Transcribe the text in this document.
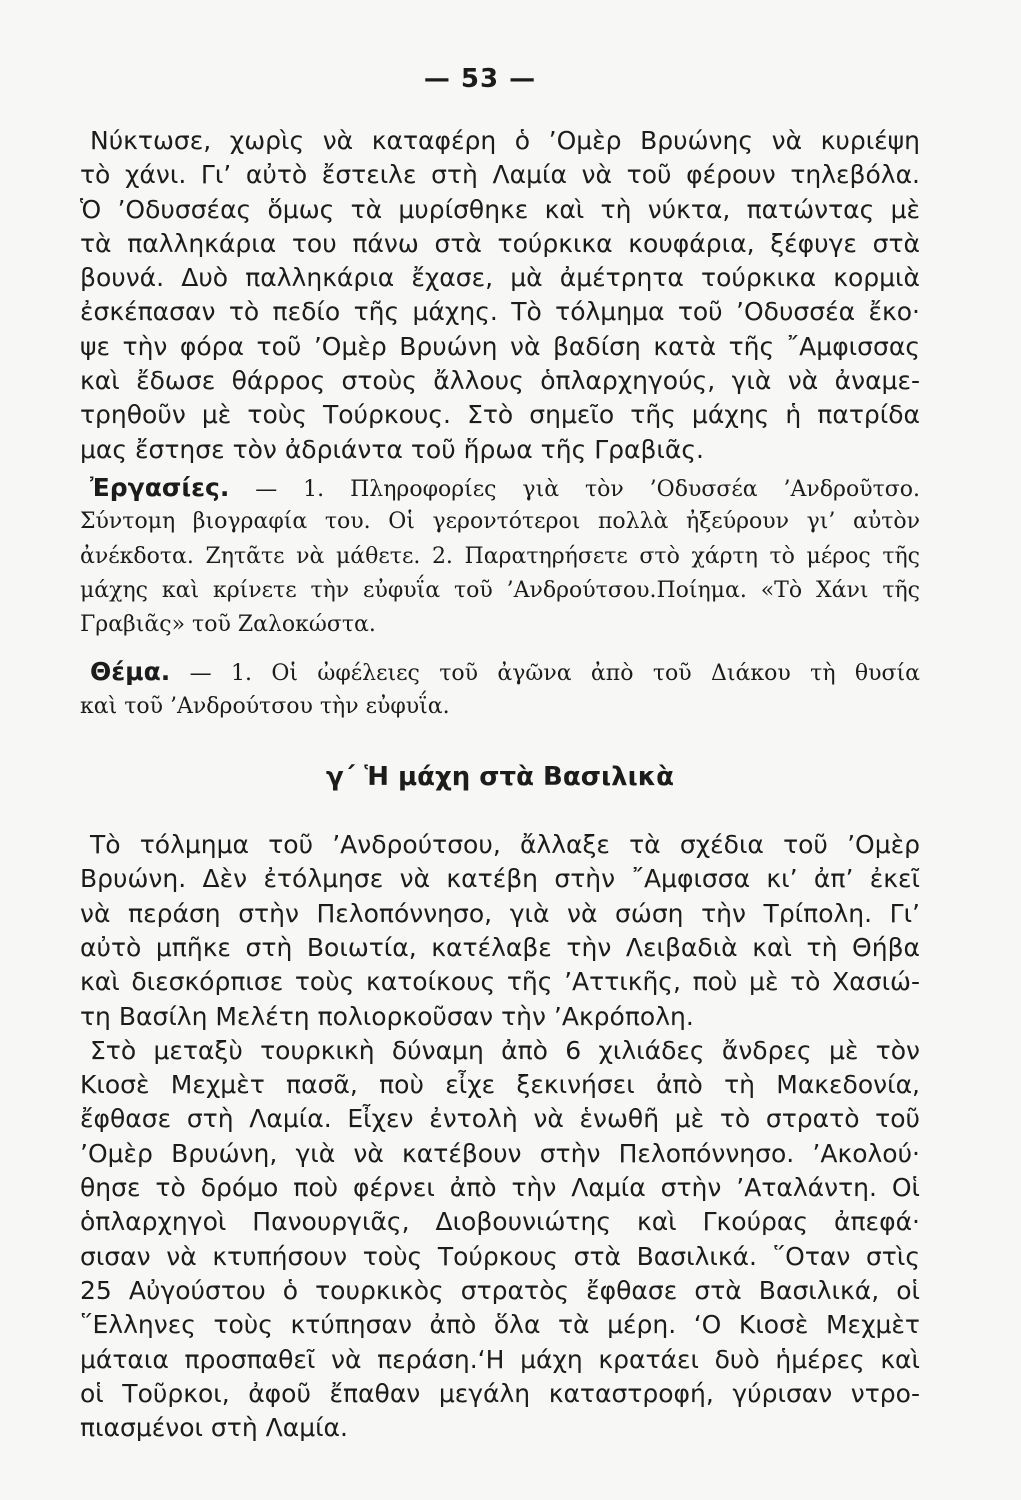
— 53 —
Νύκτωσε, χωρὶς νὰ καταφέρη ὁ ’Ομὲρ Βρυώνης νὰ κυριέψη
τὸ χάνι. Γι’ αὐτὸ ἔστειλε στὴ Λαμία νὰ τοῦ φέρουν τηλεβόλα.
Ὁ ’Οδυσσέας ὅμως τὰ μυρίσθηκε καὶ τὴ νύκτα, πατώντας μὲ
τὰ παλληκάρια του πάνω στὰ τούρκικα κουφάρια, ξέφυγε στὰ
βουνά. Δυὸ παλληκάρια ἔχασε, μὰ ἀμέτρητα τούρκικα κορμιὰ
ἐσκέπασαν τὸ πεδίο τῆς μάχης. Τὸ τόλμημα τοῦ ’Οδυσσέα ἔκο·
ψε τὴν φόρα τοῦ ’Ομὲρ Βρυώνη νὰ βαδίση κατὰ τῆς ῎Αμφισσας
καὶ ἔδωσε θάρρος στοὺς ἄλλους ὁπλαρχηγούς, γιὰ νὰ ἀναμε-
τρηθοῦν μὲ τοὺς Τούρκους. Στὸ σημεῖο τῆς μάχης ἡ πατρίδα
μας ἔστησε τὸν ἀδριάντα τοῦ ἥρωα τῆς Γραβιᾶς.
Ἐργασίες. — 1. Πληροφορίες γιὰ τὸν ’Οδυσσέα ’Ανδροῦτσο.
Σύντομη βιογραφία του. Οἱ γεροντότεροι πολλὰ ἠξεύρουν γι’ αὐτὸν
ἀνέκδοτα. Ζητᾶτε νὰ μάθετε. 2. Παρατηρήσετε στὸ χάρτη τὸ μέρος τῆς
μάχης καὶ κρίνετε τὴν εὐφυΐα τοῦ ’Ανδρούτσου.Ποίημα. «Τὸ Χάνι τῆς
Γραβιᾶς» τοῦ Ζαλοκώστα.
Θέμα. — 1. Οἱ ὠφέλειες τοῦ ἀγῶνα ἀπὸ τοῦ Διάκου τὴ θυσία
καὶ τοῦ ’Ανδρούτσου τὴν εὐφυΐα.
γ΄ Ἡ μάχη στὰ Βασιλικὰ
Τὸ τόλμημα τοῦ ’Ανδρούτσου, ἄλλαξε τὰ σχέδια τοῦ ’Ομὲρ
Βρυώνη. Δὲν ἐτόλμησε νὰ κατέβη στὴν ῎Αμφισσα κι’ ἀπ’ ἐκεῖ
νὰ περάση στὴν Πελοπόννησο, γιὰ νὰ σώση τὴν Τρίπολη. Γι’
αὐτὸ μπῆκε στὴ Βοιωτία, κατέλαβε τὴν Λειβαδιὰ καὶ τὴ Θήβα
καὶ διεσκόρπισε τοὺς κατοίκους τῆς ’Αττικῆς, ποὺ μὲ τὸ Χασιώ-
τη Βασίλη Μελέτη πολιορκοῦσαν τὴν ’Ακρόπολη.
Στὸ μεταξὺ τουρκικὴ δύναμη ἀπὸ 6 χιλιάδες ἄνδρες μὲ τὸν
Κιοσὲ Μεχμὲτ πασᾶ, ποὺ εἶχε ξεκινήσει ἀπὸ τὴ Μακεδονία,
ἔφθασε στὴ Λαμία. Εἶχεν ἐντολὴ νὰ ἑνωθῆ μὲ τὸ στρατὸ τοῦ
’Ομὲρ Βρυώνη, γιὰ νὰ κατέβουν στὴν Πελοπόννησο. ’Ακολού·
θησε τὸ δρόμο ποὺ φέρνει ἀπὸ τὴν Λαμία στὴν ’Αταλάντη. Οἱ
ὁπλαρχηγοὶ Πανουργιᾶς, Διοβουνιώτης καὶ Γκούρας ἀπεφά·
σισαν νὰ κτυπήσουν τοὺς Τούρκους στὰ Βασιλικά. ῞Οταν στὶς
25 Αὐγούστου ὁ τουρκικὸς στρατὸς ἔφθασε στὰ Βασιλικά, οἱ
῞Ελληνες τοὺς κτύπησαν ἀπὸ ὅλα τὰ μέρη. ‘Ο Κιοσὲ Μεχμὲτ
μάταια προσπαθεῖ νὰ περάση.‘Η μάχη κρατάει δυὸ ἡμέρες καὶ
οἱ Τοῦρκοι, ἀφοῦ ἔπαθαν μεγάλη καταστροφή, γύρισαν ντρο-
πιασμένοι στὴ Λαμία.
